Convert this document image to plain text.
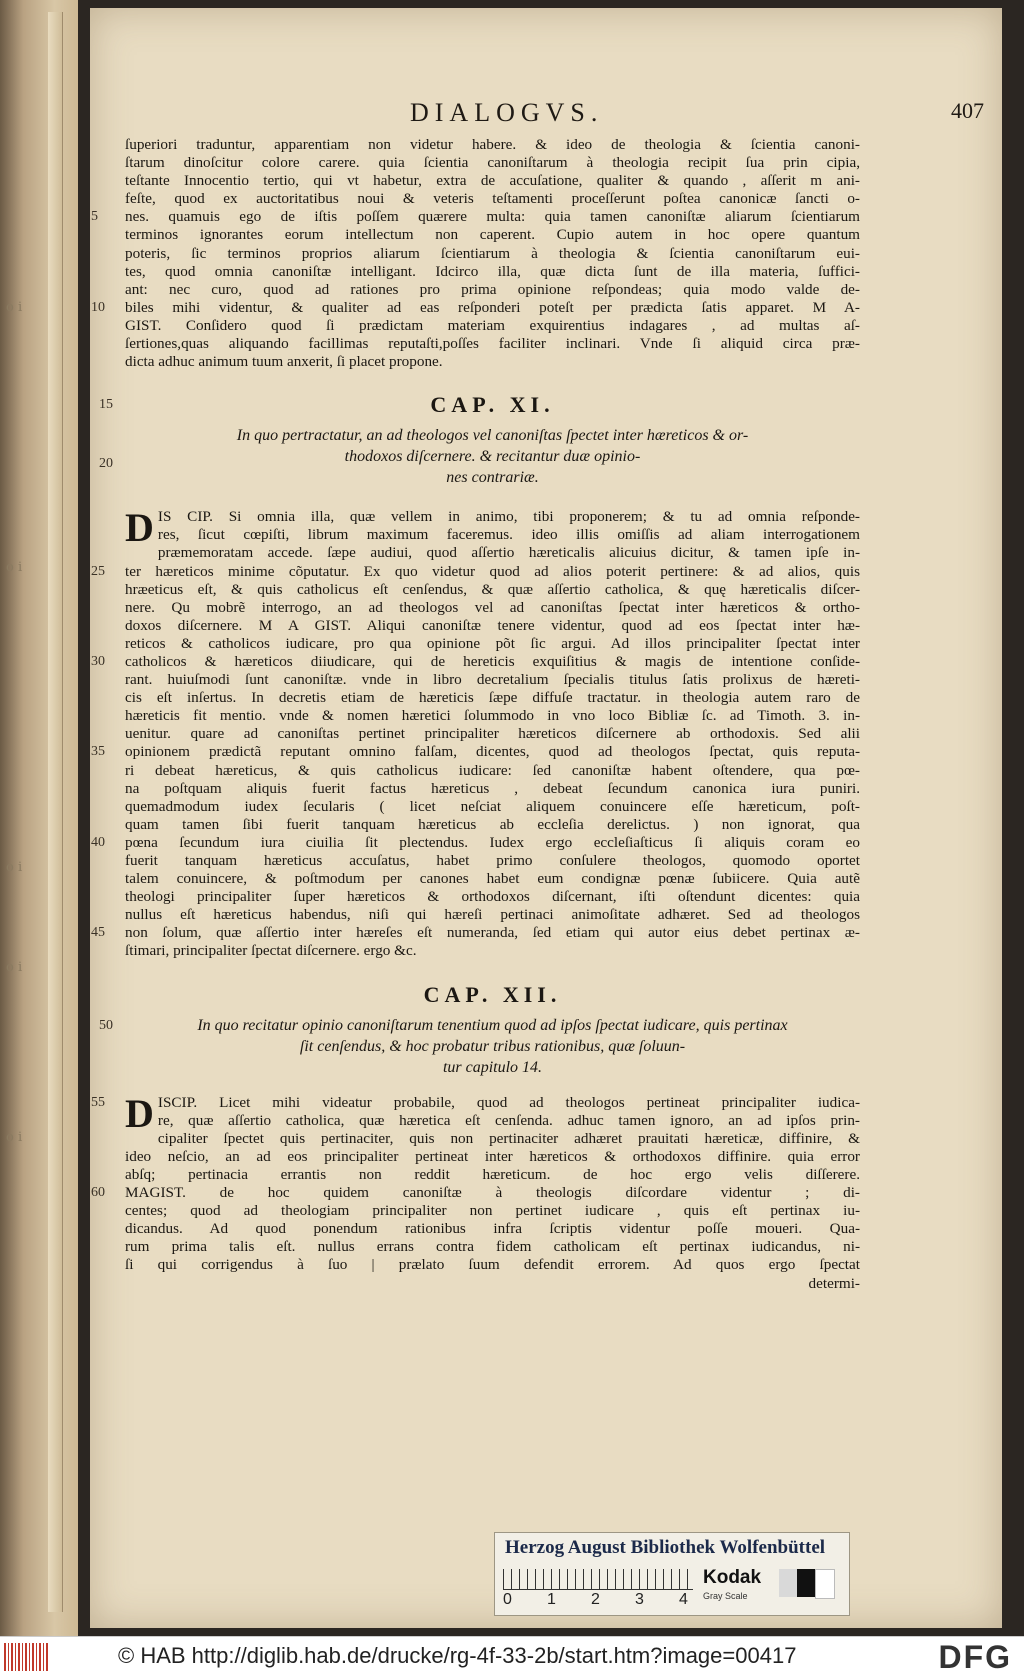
o i
o i
o i
o i
o i
DIALOGVS.	407
ſuperiori traduntur, apparentiam non videtur habere. & ideo de theologia & ſcientia canoni-
ſtarum dinoſcitur colore carere. quia ſcientia canoniſtarum à theologia recipit ſua prin cipia,
teſtante Innocentio tertio, qui vt habetur, extra de accuſatione, qualiter & quando , aſſerit m ani-
feſte, quod ex auctoritatibus noui & veteris teſtamenti proceſſerunt poſtea canonicæ ſancti o-
5	nes. quamuis ego de iſtis poſſem quærere multa: quia tamen canoniſtæ aliarum ſcientiarum
terminos ignorantes eorum intellectum non caperent. Cupio autem in hoc opere quantum
poteris, ſic terminos proprios aliarum ſcientiarum à theologia & ſcientia canoniſtarum eui-
tes, quod omnia canoniſtæ intelligant. Idcirco illa, quæ dicta ſunt de illa materia, ſuffici-
ant: nec curo, quod ad rationes pro prima opinione reſpondeas; quia modo valde de-
10	biles mihi videntur, & qualiter ad eas reſponderi poteſt per prædicta ſatis apparet. M A-
GIST. Conſidero quod ſi prædictam materiam exquirentius indagares , ad multas aſ-
ſertiones,quas aliquando facillimas reputaſti,poſſes faciliter inclinari. Vnde ſi aliquid circa præ-
dicta adhuc animum tuum anxerit, ſi placet propone.
15	CAP. XI.
In quo pertractatur, an ad theologos vel canoniſtas ſpectet inter hæreticos & or-
thodoxos diſcernere. & recitantur duæ opinio-
20
nes contrariæ.
D IS CIP. Si omnia illa, quæ vellem in animo, tibi proponerem; & tu ad omnia reſponde-
res, ſicut cœpiſti, librum maximum faceremus. ideo illis omiſſis ad aliam interrogationem
præmemoratam accede. ſæpe audiui, quod aſſertio hæreticalis alicuius dicitur, & tamen ipſe in-
25	ter hæreticos minime cõputatur. Ex quo videtur quod ad alios poterit pertinere: & ad alios, quis
hræeticus eſt, & quis catholicus eſt cenſendus, & quæ aſſertio catholica, & quę hæreticalis diſcer-
nere. Qu mobrẽ interrogo, an ad theologos vel ad canoniſtas ſpectat inter hæreticos & ortho-
doxos diſcernere. M A GIST. Aliqui canoniſtæ tenere videntur, quod ad eos ſpectat inter hæ-
reticos & catholicos iudicare, pro qua opinione põt ſic argui. Ad illos principaliter ſpectat inter
30	catholicos & hæreticos diiudicare, qui de hereticis exquiſitius & magis de intentione conſide-
rant. huiuſmodi ſunt canoniſtæ. vnde in libro decretalium ſpecialis titulus ſatis prolixus de hæreti-
cis eſt inſertus. In decretis etiam de hæreticis ſæpe diffuſe tractatur. in theologia autem raro de
hæreticis fit mentio. vnde & nomen hæretici ſolummodo in vno loco Bibliæ ſc. ad Timoth. 3. in-
uenitur. quare ad canoniſtas pertinet principaliter hæreticos diſcernere ab orthodoxis. Sed alii
35	opinionem prædictã reputant omnino falſam, dicentes, quod ad theologos ſpectat, quis reputa-
ri debeat hæreticus, & quis catholicus iudicare: ſed canoniſtæ habent oſtendere, qua pœ-
na poſtquam aliquis fuerit factus hæreticus , debeat ſecundum canonica iura puniri.
quemadmodum iudex ſecularis ( licet neſciat aliquem conuincere eſſe hæreticum, poſt-
quam tamen ſibi fuerit tanquam hæreticus ab eccleſia derelictus. ) non ignorat, qua
40	pœna ſecundum iura ciuilia ſit plectendus. Iudex ergo eccleſiaſticus ſi aliquis coram eo
fuerit tanquam hæreticus accuſatus, habet primo conſulere theologos, quomodo oportet
talem conuincere, & poſtmodum per canones habet eum condignæ pœnæ ſubiicere. Quia autẽ
theologi principaliter ſuper hæreticos & orthodoxos diſcernant, iſti oſtendunt dicentes: quia
nullus eſt hæreticus habendus, niſi qui hæreſi pertinaci animoſitate adhæret. Sed ad theologos
45	non ſolum, quæ aſſertio inter hæreſes eſt numeranda, ſed etiam qui autor eius debet pertinax æ-
ſtimari, principaliter ſpectat diſcernere. ergo &c.
CAP. XII.
50	In quo recitatur opinio canoniſtarum tenentium quod ad ipſos ſpectat iudicare, quis pertinax
ſit cenſendus, & hoc probatur tribus rationibus, quæ ſoluun-
tur capitulo 14.
D
55	ISCIP. Licet mihi videatur probabile, quod ad theologos pertineat principaliter iudica-
re, quæ aſſertio catholica, quæ hæretica eſt cenſenda. adhuc tamen ignoro, an ad ipſos prin-
cipaliter ſpectet quis pertinaciter, quis non pertinaciter adhæret prauitati hæreticæ, diffinire, &
ideo neſcio, an ad eos principaliter pertineat inter hæreticos & orthodoxos diffinire. quia error
abſq; pertinacia errantis non reddit hæreticum. de hoc ergo velis diſſerere.
60	MAGIST. de hoc quidem canoniſtæ à theologis diſcordare videntur ; di-
centes; quod ad theologiam principaliter non pertinet iudicare , quis eſt pertinax iu-
dicandus. Ad quod ponendum rationibus infra ſcriptis videntur poſſe moueri. Qua-
rum prima talis eſt. nullus errans contra fidem catholicam eſt pertinax iudicandus, ni-
ſi qui corrigendus à ſuo | prælato ſuum defendit errorem. Ad quos ergo ſpectat
determi-
Herzog August Bibliothek Wolfenbüttel
0 1 2 3 4
Kodak
Gray Scale
© HAB http://diglib.hab.de/drucke/rg-4f-33-2b/start.htm?image=00417	DFG
